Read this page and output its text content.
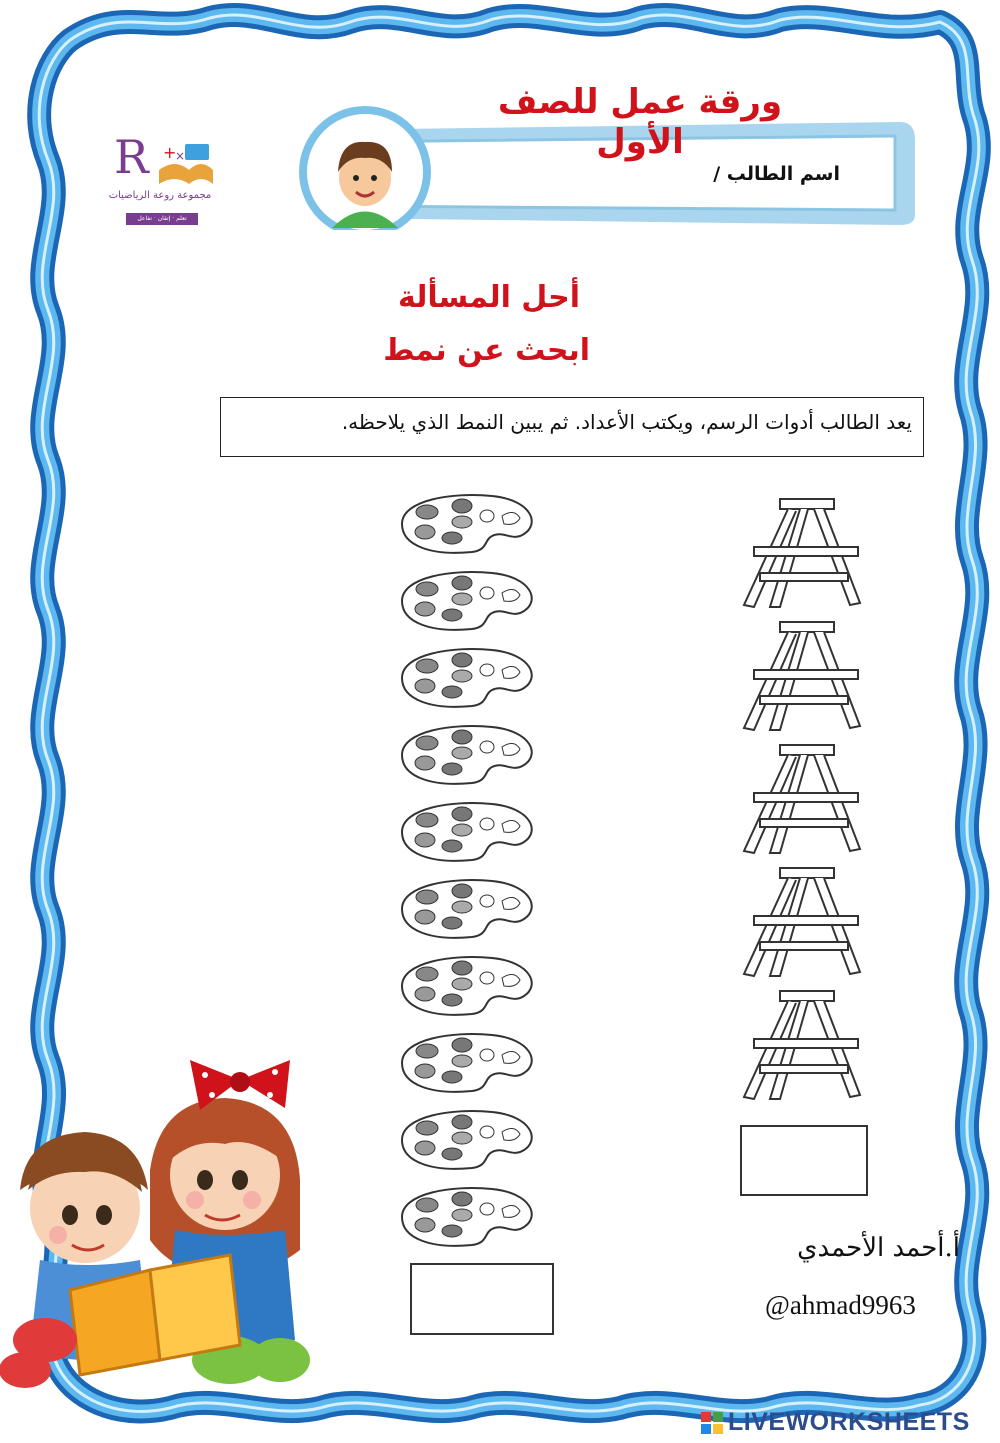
ورقة عمل للصف الأول
اسم الطالب /
R +
×
مجموعة روعة الرياضيات
تعلم · إتقان · تفاعل
أحل المسألة
ابحث عن نمط
يعد الطالب أدوات الرسم، ويكتب الأعداد. ثم يبين النمط الذي يلاحظه.
أ.أحمد الأحمدي
@ahmad9963
LIVEWORKSHEETS
